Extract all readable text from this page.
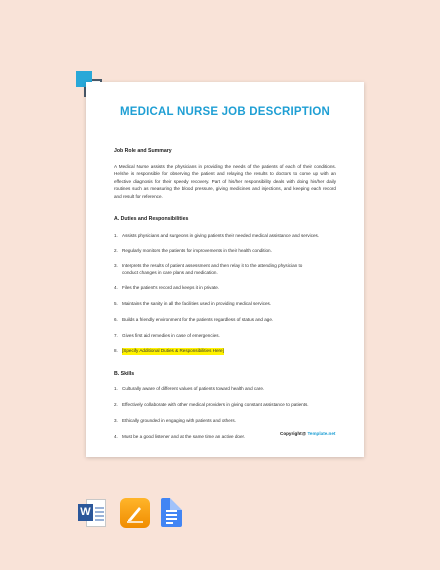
MEDICAL NURSE JOB DESCRIPTION
Job Role and Summary
A Medical Nurse assists the physicians in providing the needs of the patients of each of their conditions. He/she is responsible for observing the patient and relaying the results to doctors to come up with an effective diagnosis for their speedy recovery. Part of his/her responsibility deals with doing his/her daily routines such as measuring the blood pressure, giving medicines and injections, and keeping each record and result for reference.
A. Duties and Responsibilities
1. Assists physicians and surgeons in giving patients their needed medical assistance and services.
2. Regularly monitors the patients for improvements in their health condition.
3. Interprets the results of patient assessment and then relay it to the attending physician to conduct changes in care plans and medication.
4. Files the patient's record and keeps it in private.
5. Maintains the sanity in all the facilities used in providing medical services.
6. Builds a friendly environment for the patients regardless of status and age.
7. Gives first aid remedies in case of emergencies.
8. [Specify Additional Duties & Responsibilities Here]
B. Skills
1. Culturally aware of different values of patients toward health and care.
2. Effectively collaborate with other medical providers in giving constant assistance to patients.
3. Ethically grounded in engaging with patients and others.
4. Must be a good listener and at the same time an active doer.
Copyright@ Template.net
W
